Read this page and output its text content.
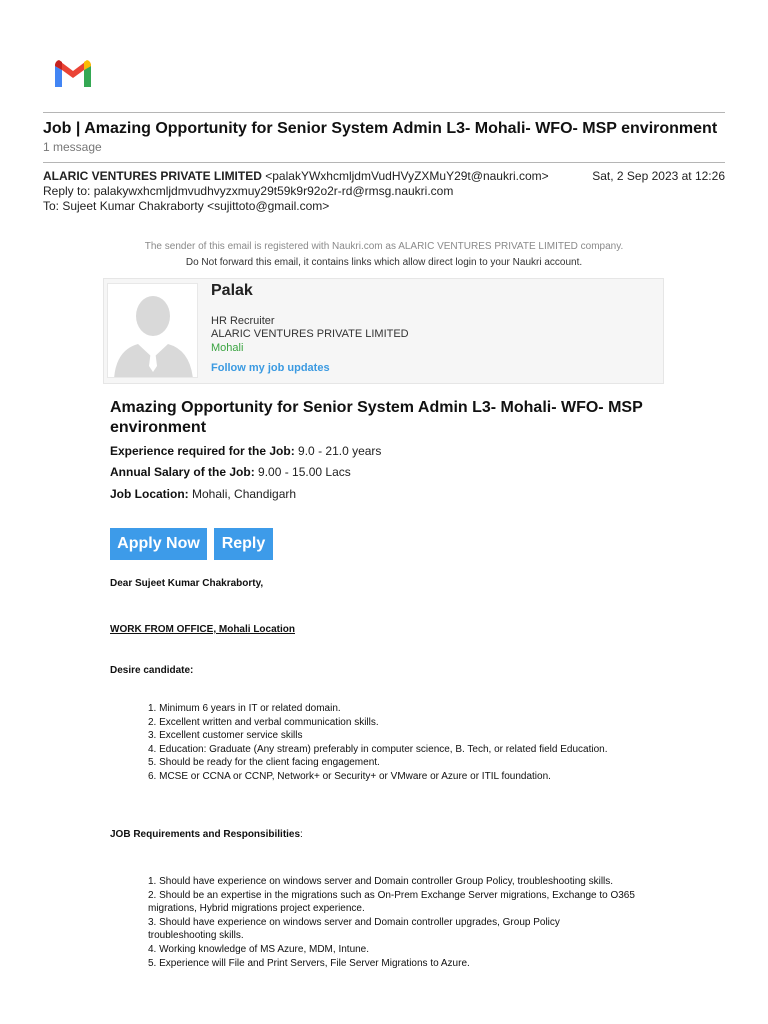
Job | Amazing Opportunity for Senior System Admin L3- Mohali- WFO- MSP environment
1 message
ALARIC VENTURES PRIVATE LIMITED <palakYWxhcmljdmVudHVyZXMuY29t@naukri.com>	Sat, 2 Sep 2023 at 12:26
Reply to: palakywxhcmljdmvudhvyzxmuy29t59k9r92o2r-rd@rmsg.naukri.com
To: Sujeet Kumar Chakraborty <sujittoto@gmail.com>
The sender of this email is registered with Naukri.com as ALARIC VENTURES PRIVATE LIMITED company.
Do Not forward this email, it contains links which allow direct login to your Naukri account.
Palak
HR Recruiter
ALARIC VENTURES PRIVATE LIMITED
Mohali
Follow my job updates
Amazing Opportunity for Senior System Admin L3- Mohali- WFO- MSP environment
Experience required for the Job: 9.0 - 21.0 years
Annual Salary of the Job: 9.00 - 15.00 Lacs
Job Location: Mohali, Chandigarh
Apply Now	Reply
Dear Sujeet Kumar Chakraborty,
WORK FROM OFFICE, Mohali Location
Desire candidate:
1. Minimum 6 years in IT or related domain.
2. Excellent written and verbal communication skills.
3. Excellent customer service skills
4. Education: Graduate (Any stream) preferably in computer science, B. Tech, or related field Education.
5. Should be ready for the client facing engagement.
6. MCSE or CCNA or CCNP, Network+ or Security+ or VMware or Azure or ITIL foundation.
JOB Requirements and Responsibilities:
1. Should have experience on windows server and Domain controller Group Policy, troubleshooting skills.
2. Should be an expertise in the migrations such as On-Prem Exchange Server migrations, Exchange to O365 migrations, Hybrid migrations project experience.
3. Should have experience on windows server and Domain controller upgrades, Group Policy troubleshooting skills.
4. Working knowledge of MS Azure, MDM, Intune.
5. Experience will File and Print Servers, File Server Migrations to Azure.
